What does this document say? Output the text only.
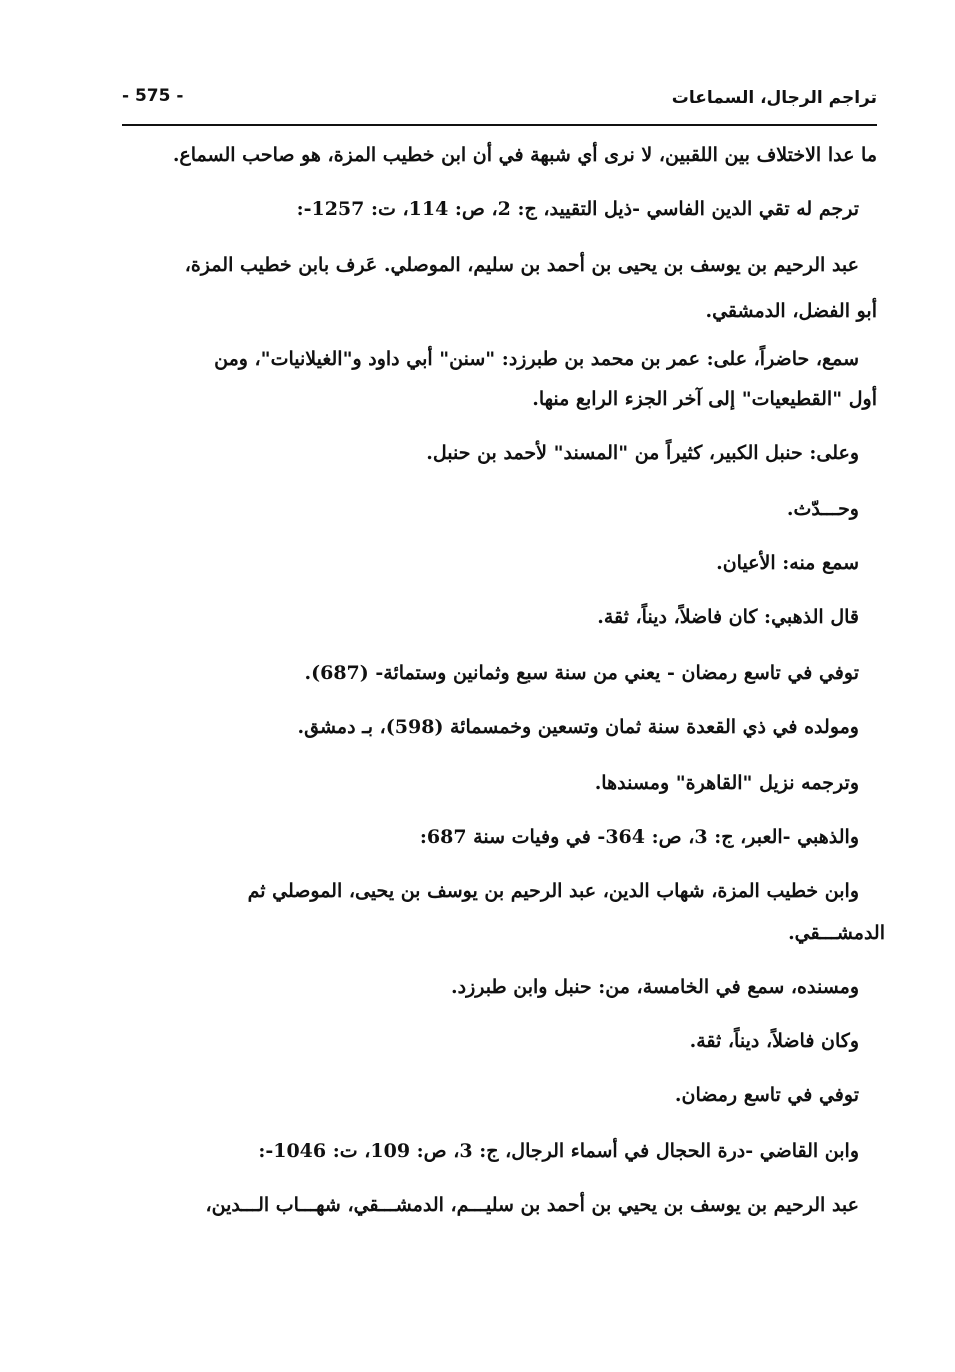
تراجم الرجال، السماعات
- 575 -
ما عدا الاختلاف بين اللقبين، لا نرى أي شبهة في أن ابن خطيب المزة، هو صاحب السماع.
ترجم له تقي الدين الفاسي -ذيل التقييد، ج: 2، ص: 114، ت: 1257-:
عبد الرحيم بن يوسف بن يحيى بن أحمد بن سليم، الموصلي. عَرف بابن خطيب المزة،
أبو الفضل، الدمشقي.
سمع، حاضراً، على: عمر بن محمد بن طبرزد: "سنن" أبي داود و"الغيلانيات"، ومن
أول "القطيعيات" إلى آخر الجزء الرابع منها.
وعلى: حنبل الكبير، كثيراً من "المسند" لأحمد بن حنبل.
وحـــدّث.
سمع منه: الأعيان.
قال الذهبي: كان فاضلاً، ديناً، ثقة.
توفي في تاسع رمضان - يعني من سنة سبع وثمانين وستمائة- (687).
ومولده في ذي القعدة سنة ثمان وتسعين وخمسمائة (598)، بـ دمشق.
وترجمه نزيل "القاهرة" ومسندها.
والذهبي -العبر، ج: 3، ص: 364- في وفيات سنة 687:
وابن خطيب المزة، شهاب الدين، عبد الرحيم بن يوسف بن يحيى، الموصلي ثم
الدمشـــقي.
ومسنده، سمع في الخامسة، من: حنبل وابن طبرزد.
وكان فاضلاً، ديناً، ثقة.
توفي في تاسع رمضان.
وابن القاضي -درة الحجال في أسماء الرجال، ج: 3، ص: 109، ت: 1046-:
عبد الرحيم بن يوسف بن يحيي بن أحمد بن سليـــم، الدمشـــقي، شهـــاب الـــدين،
